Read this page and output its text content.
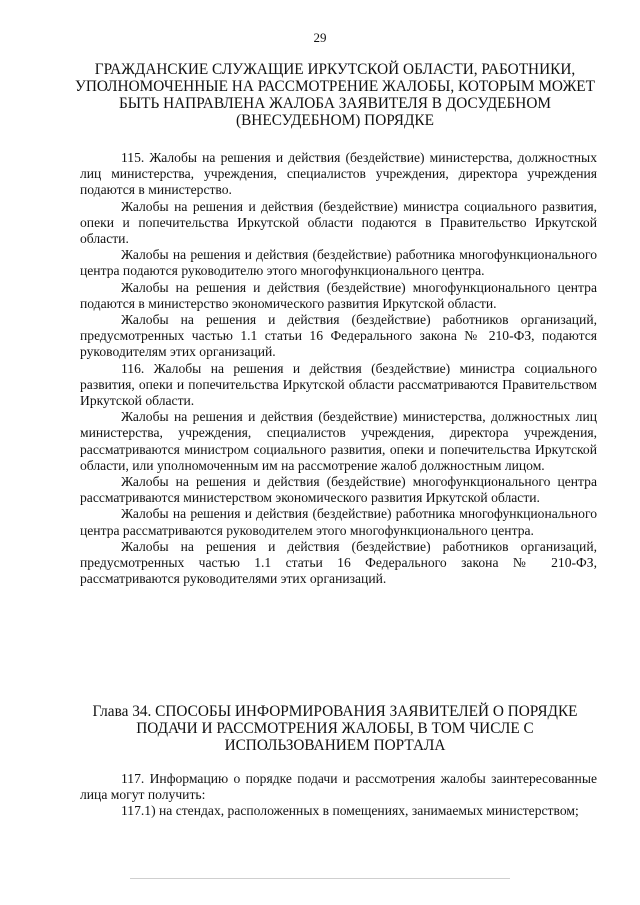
29
ГРАЖДАНСКИЕ СЛУЖАЩИЕ ИРКУТСКОЙ ОБЛАСТИ, РАБОТНИКИ, УПОЛНОМОЧЕННЫЕ НА РАССМОТРЕНИЕ ЖАЛОБЫ, КОТОРЫМ МОЖЕТ БЫТЬ НАПРАВЛЕНА ЖАЛОБА ЗАЯВИТЕЛЯ В ДОСУДЕБНОМ (ВНЕСУДЕБНОМ) ПОРЯДКЕ

115. Жалобы на решения и действия (бездействие) министерства, должностных лиц министерства, учреждения, специалистов учреждения, директора учреждения подаются в министерство.

Жалобы на решения и действия (бездействие) министра социального развития, опеки и попечительства Иркутской области подаются в Правительство Иркутской области.

Жалобы на решения и действия (бездействие) работника многофункционального центра подаются руководителю этого многофункционального центра.

Жалобы на решения и действия (бездействие) многофункционального центра подаются в министерство экономического развития Иркутской области.

Жалобы на решения и действия (бездействие) работников организаций, предусмотренных частью 1.1 статьи 16 Федерального закона № 210-ФЗ, подаются руководителям этих организаций.

116. Жалобы на решения и действия (бездействие) министра социального развития, опеки и попечительства Иркутской области рассматриваются Правительством Иркутской области.

Жалобы на решения и действия (бездействие) министерства, должностных лиц министерства, учреждения, специалистов учреждения, директора учреждения, рассматриваются министром социального развития, опеки и попечительства Иркутской области, или уполномоченным им на рассмотрение жалоб должностным лицом.

Жалобы на решения и действия (бездействие) многофункционального центра рассматриваются министерством экономического развития Иркутской области.

Жалобы на решения и действия (бездействие) работника многофункционального центра рассматриваются руководителем этого многофункционального центра.

Жалобы на решения и действия (бездействие) работников организаций, предусмотренных частью 1.1 статьи 16 Федерального закона № 210-ФЗ, рассматриваются руководителями этих организаций.

Глава 34. СПОСОБЫ ИНФОРМИРОВАНИЯ ЗАЯВИТЕЛЕЙ О ПОРЯДКЕ ПОДАЧИ И РАССМОТРЕНИЯ ЖАЛОБЫ, В ТОМ ЧИСЛЕ С ИСПОЛЬЗОВАНИЕМ ПОРТАЛА

117. Информацию о порядке подачи и рассмотрения жалобы заинтересованные лица могут получить:

117.1) на стендах, расположенных в помещениях, занимаемых министерством;
